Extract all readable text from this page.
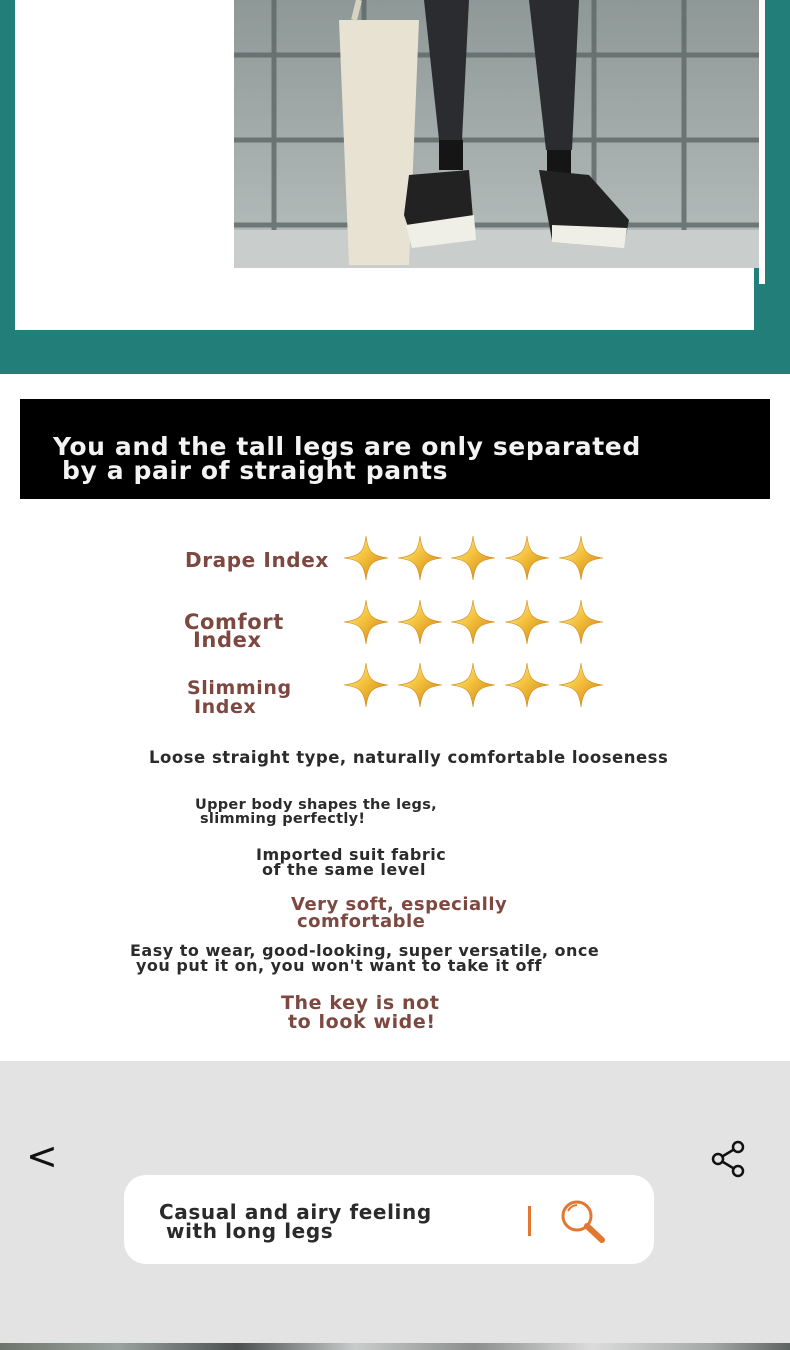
You and the tall legs are only separated
by a pair of straight pants
Drape Index
Comfort
Index
Slimming
Index
Loose straight type, naturally comfortable looseness
Upper body shapes the legs,
slimming perfectly!
Imported suit fabric
of the same level
Very soft, especially
comfortable
Easy to wear, good-looking, super versatile, once
you put it on, you won't want to take it off
The key is not
to look wide!
<
Casual and airy feeling
with long legs
